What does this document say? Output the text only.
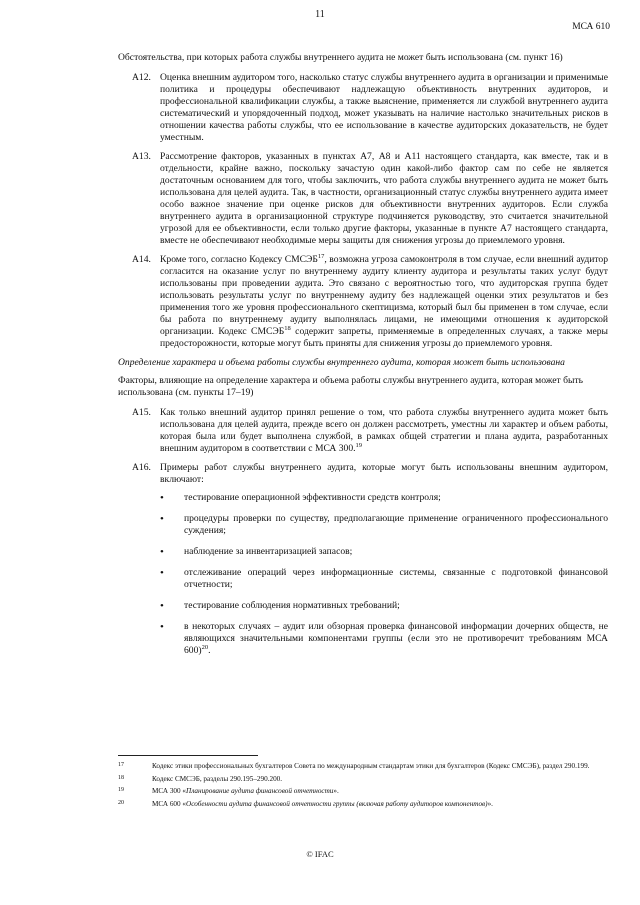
11
МСА 610

Обстоятельства, при которых работа службы внутреннего аудита не может быть использована (см. пункт 16)

A12. Оценка внешним аудитором того, насколько статус службы внутреннего аудита в организации и применимые политика и процедуры обеспечивают надлежащую объективность внутренних аудиторов, и профессиональной квалификации службы, а также выяснение, применяется ли службой внутреннего аудита систематический и упорядоченный подход, может указывать на наличие настолько значительных рисков в отношении качества работы службы, что ее использование в качестве аудиторских доказательств, не будет уместным.

A13. Рассмотрение факторов, указанных в пунктах А7, А8 и А11 настоящего стандарта, как вместе, так и в отдельности, крайне важно, поскольку зачастую один какой-либо фактор сам по себе не является достаточным основанием для того, чтобы заключить, что работа службы внутреннего аудита не может быть использована для целей аудита. Так, в частности, организационный статус службы внутреннего аудита имеет особо важное значение при оценке рисков для объективности внутренних аудиторов. Если служба внутреннего аудита в организационной структуре подчиняется руководству, это считается значительной угрозой для ее объективности, если только другие факторы, указанные в пункте А7 настоящего стандарта, вместе не обеспечивают необходимые меры защиты для снижения угрозы до приемлемого уровня.

A14. Кроме того, согласно Кодексу СМСЭБ$^{17}$, возможна угроза самоконтроля в том случае, если внешний аудитор согласится на оказание услуг по внутреннему аудиту клиенту аудитора и результаты таких услуг будут использованы при проведении аудита. Это связано с вероятностью того, что аудиторская группа будет использовать результаты услуг по внутреннему аудиту без надлежащей оценки этих результатов и без применения того же уровня профессионального скептицизма, который был бы применен в том случае, если бы работа по внутреннему аудиту выполнялась лицами, не имеющими отношения к аудиторской организации. Кодекс СМСЭБ$^{18}$ содержит запреты, применяемые в определенных случаях, а также меры предосторожности, которые могут быть приняты для снижения угрозы до приемлемого уровня.

Определение характера и объема работы службы внутреннего аудита, которая может быть использована

Факторы, влияющие на определение характера и объема работы службы внутреннего аудита, которая может быть использована (см. пункты 17–19)

A15. Как только внешний аудитор принял решение о том, что работа службы внутреннего аудита может быть использована для целей аудита, прежде всего он должен рассмотреть, уместны ли характер и объем работы, которая была или будет выполнена службой, в рамках общей стратегии и плана аудита, разработанных внешним аудитором в соответствии с МСА 300.19

A16. Примеры работ службы внутреннего аудита, которые могут быть использованы внешним аудитором, включают:

• тестирование операционной эффективности средств контроля;

• процедуры проверки по существу, предполагающие применение ограниченного профессионального суждения;

• наблюдение за инвентаризацией запасов;

• отслеживание операций через информационные системы, связанные с подготовкой финансовой отчетности;

• тестирование соблюдения нормативных требований;

• в некоторых случаях – аудит или обзорная проверка финансовой информации дочерних обществ, не являющихся значительными компонентами группы (если это не противоречит требованиям МСА 600)$^{20}$.

17	Кодекс этики профессиональных бухгалтеров Совета по международным стандартам этики для бухгалтеров (Кодекс СМСЭБ), раздел 290.199.
18	Кодекс СМСЭБ, разделы 290.195–290.200.
19	МСА 300 «Планирование аудита финансовой отчетности».
20	МСА 600 «Особенности аудита финансовой отчетности группы (включая работу аудиторов компонентов)».
© IFAC
